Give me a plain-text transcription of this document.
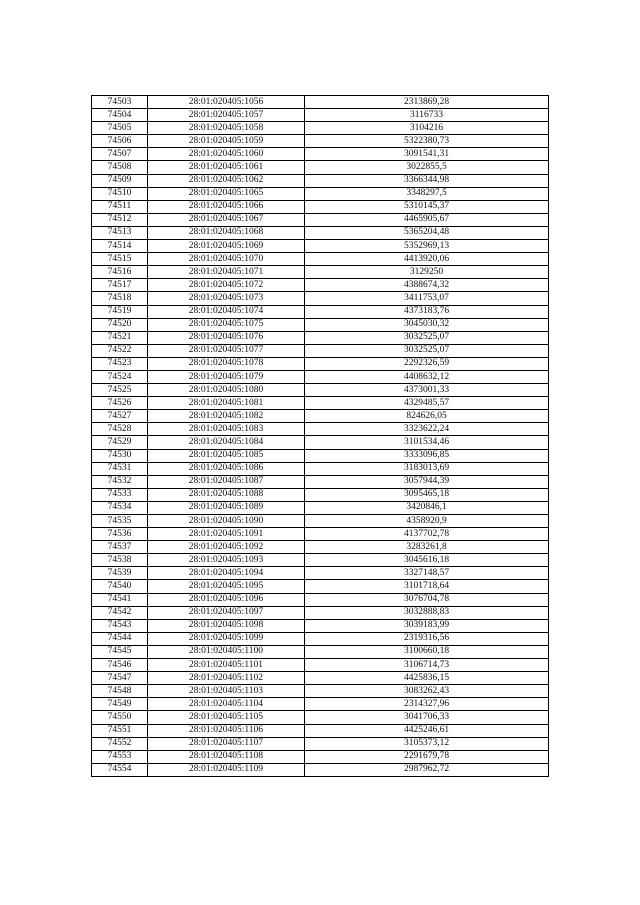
74503	28:01:020405:1056	2313869,28
74504	28:01:020405:1057	3116733
74505	28:01:020405:1058	3104216
74506	28:01:020405:1059	5322380,73
74507	28:01:020405:1060	3091541,31
74508	28:01:020405:1061	3022855,5
74509	28:01:020405:1062	3366344,98
74510	28:01:020405:1065	3348297,5
74511	28:01:020405:1066	5310145,37
74512	28:01:020405:1067	4465905,67
74513	28:01:020405:1068	5365204,48
74514	28:01:020405:1069	5352969,13
74515	28:01:020405:1070	4413920,06
74516	28:01:020405:1071	3129250
74517	28:01:020405:1072	4388674,32
74518	28:01:020405:1073	3411753,07
74519	28:01:020405:1074	4373183,76
74520	28:01:020405:1075	3045030,32
74521	28:01:020405:1076	3032525,07
74522	28:01:020405:1077	3032525,07
74523	28:01:020405:1078	2292326,59
74524	28:01:020405:1079	4408632,12
74525	28:01:020405:1080	4373001,33
74526	28:01:020405:1081	4329485,57
74527	28:01:020405:1082	824626,05
74528	28:01:020405:1083	3323622,24
74529	28:01:020405:1084	3101534,46
74530	28:01:020405:1085	3333096,85
74531	28:01:020405:1086	3183013,69
74532	28:01:020405:1087	3057944,39
74533	28:01:020405:1088	3095465,18
74534	28:01:020405:1089	3420846,1
74535	28:01:020405:1090	4358920,9
74536	28:01:020405:1091	4137702,78
74537	28:01:020405:1092	3283261,8
74538	28:01:020405:1093	3045616,18
74539	28:01:020405:1094	3327148,57
74540	28:01:020405:1095	3101718,64
74541	28:01:020405:1096	3076704,78
74542	28:01:020405:1097	3032888,83
74543	28:01:020405:1098	3039183,99
74544	28:01:020405:1099	2319316,56
74545	28:01:020405:1100	3100660,18
74546	28:01:020405:1101	3106714,73
74547	28:01:020405:1102	4425836,15
74548	28:01:020405:1103	3083262,43
74549	28:01:020405:1104	2314327,96
74550	28:01:020405:1105	3041706,33
74551	28:01:020405:1106	4425246,61
74552	28:01:020405:1107	3105373,12
74553	28:01:020405:1108	2291679,78
74554	28:01:020405:1109	2987962,72
